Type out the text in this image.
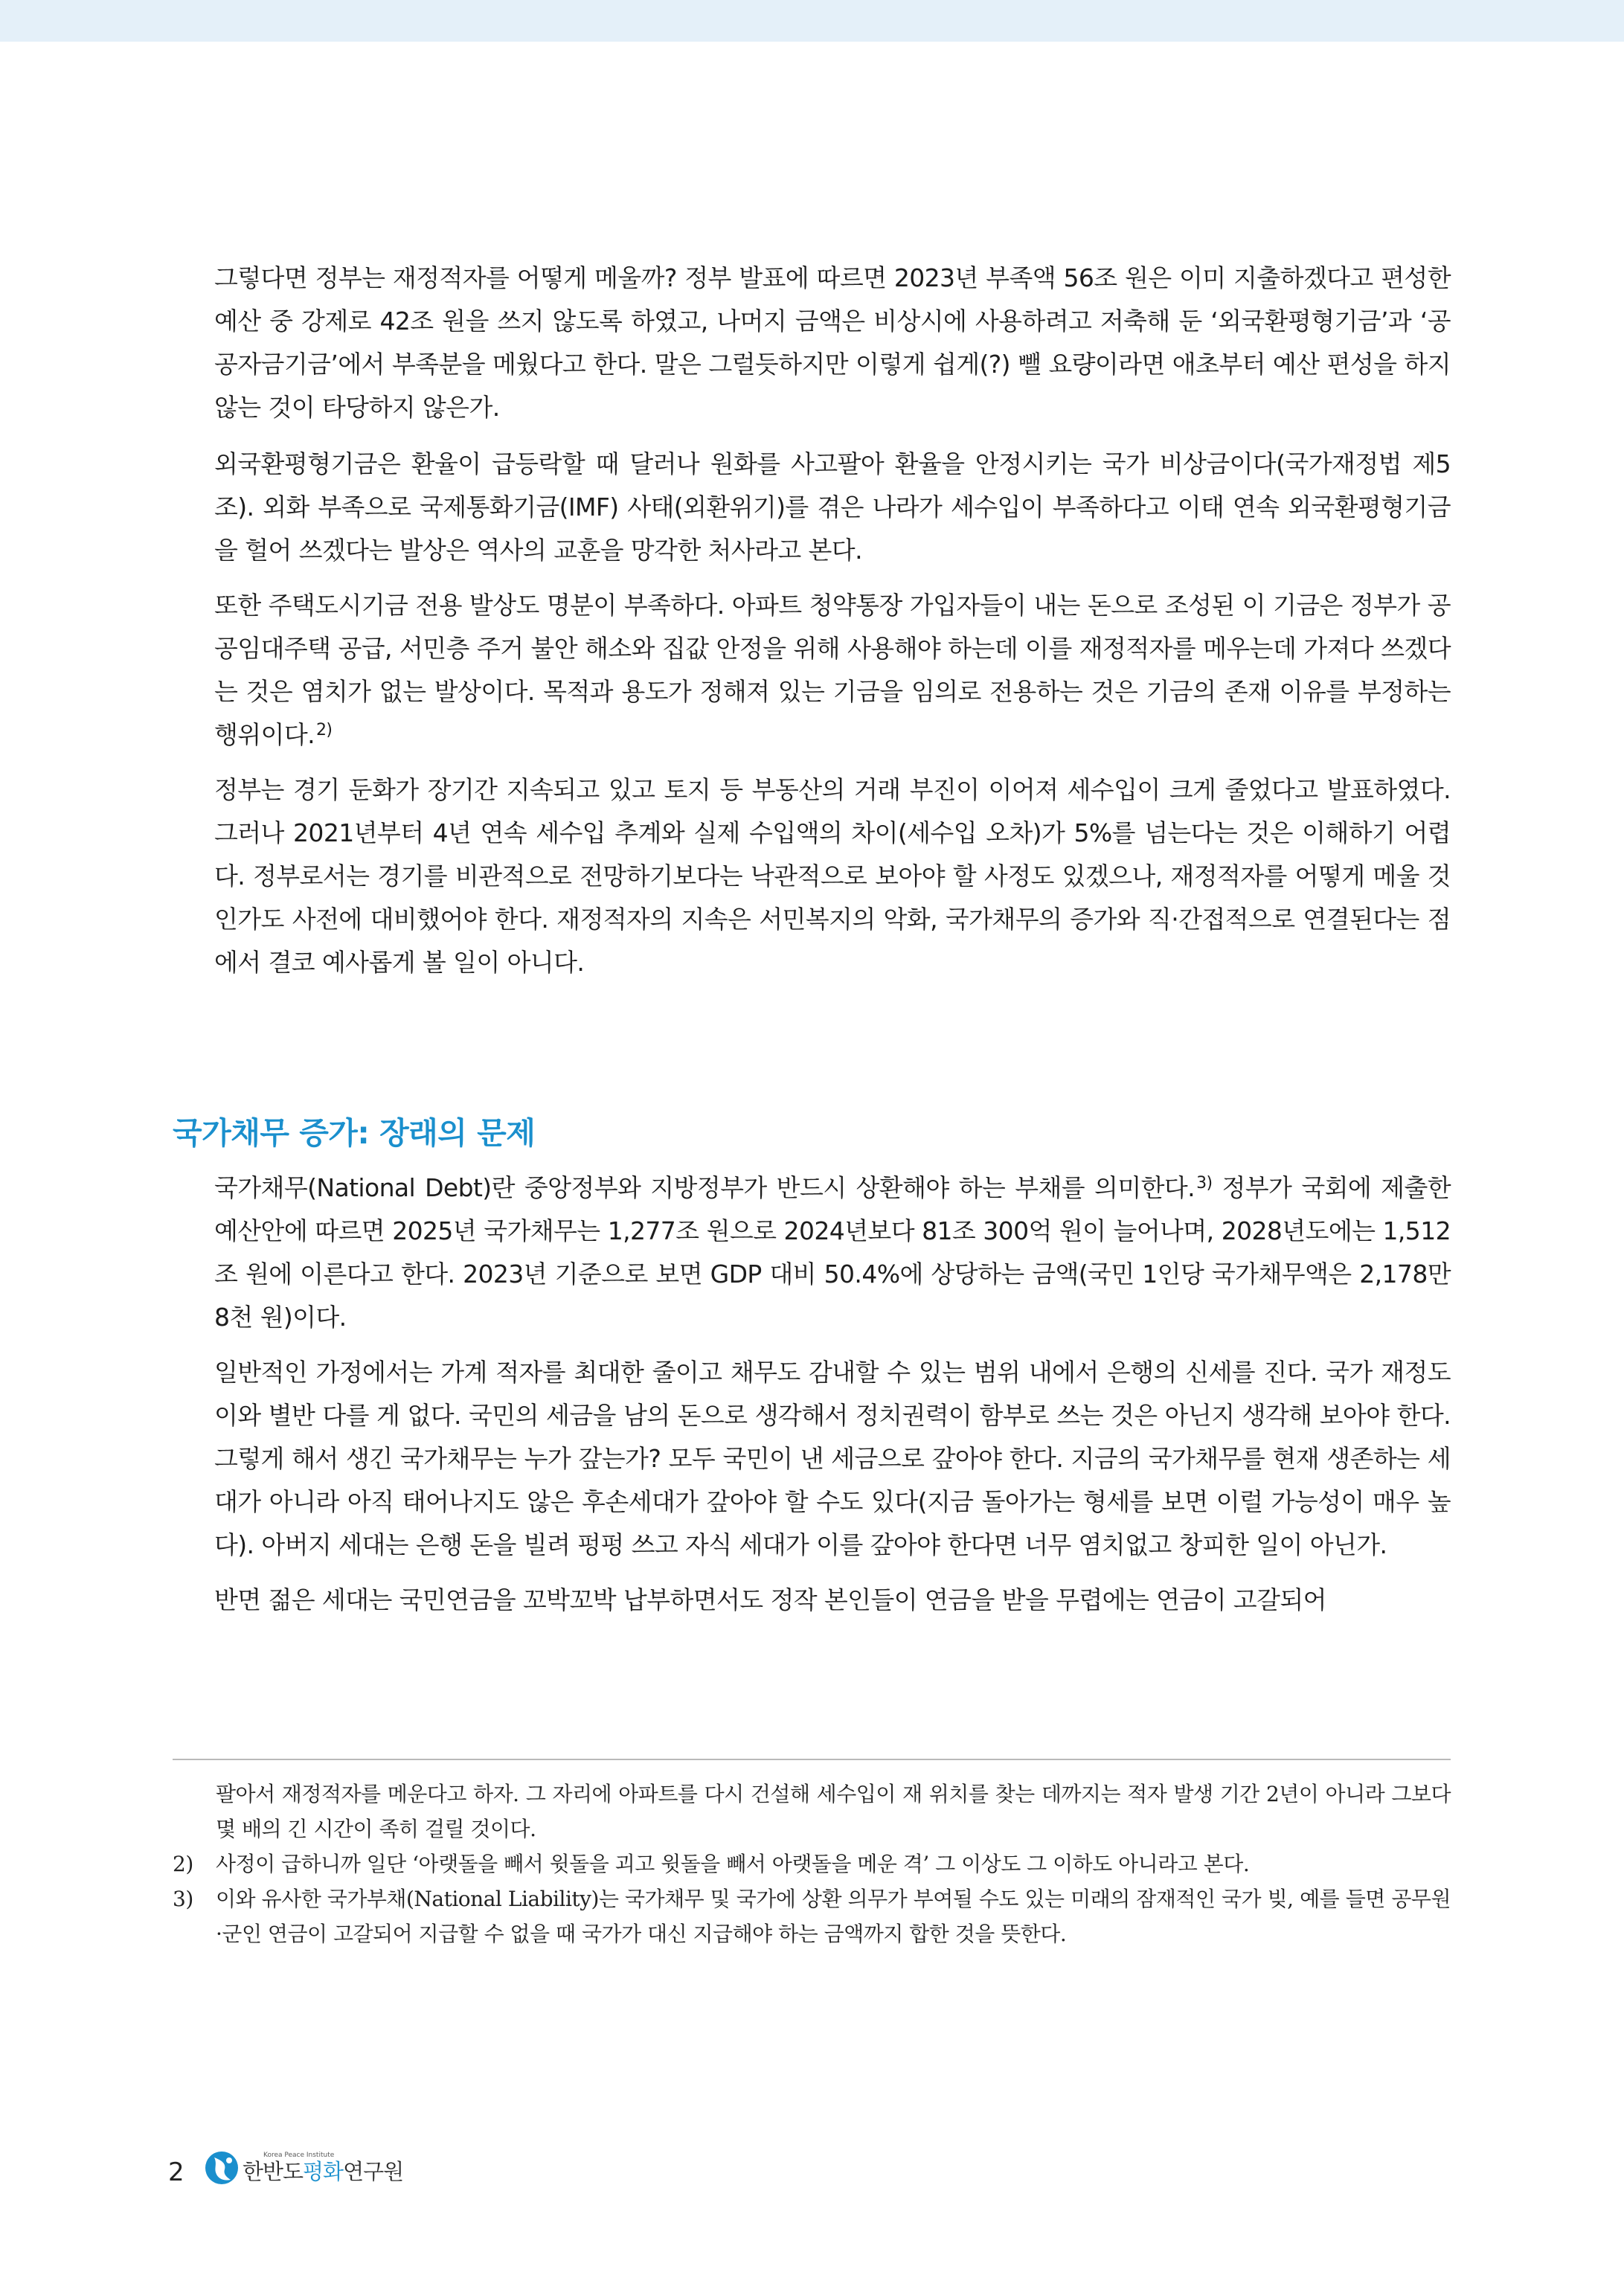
그렇다면 정부는 재정적자를 어떻게 메울까? 정부 발표에 따르면 2023년 부족액 56조 원은 이미 지출하겠다고 편성한 예산 중 강제로 42조 원을 쓰지 않도록 하였고, 나머지 금액은 비상시에 사용하려고 저축해 둔 ‘외국환평형기금’과 ‘공공자금기금’에서 부족분을 메웠다고 한다. 말은 그럴듯하지만 이렇게 쉽게(?) 뺄 요량이라면 애초부터 예산 편성을 하지 않는 것이 타당하지 않은가.

외국환평형기금은 환율이 급등락할 때 달러나 원화를 사고팔아 환율을 안정시키는 국가 비상금이다(국가재정법 제5조). 외화 부족으로 국제통화기금(IMF) 사태(외환위기)를 겪은 나라가 세수입이 부족하다고 이태 연속 외국환평형기금을 헐어 쓰겠다는 발상은 역사의 교훈을 망각한 처사라고 본다.

또한 주택도시기금 전용 발상도 명분이 부족하다. 아파트 청약통장 가입자들이 내는 돈으로 조성된 이 기금은 정부가 공공임대주택 공급, 서민층 주거 불안 해소와 집값 안정을 위해 사용해야 하는데 이를 재정적자를 메우는데 가져다 쓰겠다는 것은 염치가 없는 발상이다. 목적과 용도가 정해져 있는 기금을 임의로 전용하는 것은 기금의 존재 이유를 부정하는 행위이다.$^{2)}$

정부는 경기 둔화가 장기간 지속되고 있고 토지 등 부동산의 거래 부진이 이어져 세수입이 크게 줄었다고 발표하였다. 그러나 2021년부터 4년 연속 세수입 추계와 실제 수입액의 차이(세수입 오차)가 5%를 넘는다는 것은 이해하기 어렵다. 정부로서는 경기를 비관적으로 전망하기보다는 낙관적으로 보아야 할 사정도 있겠으나, 재정적자를 어떻게 메울 것인가도 사전에 대비했어야 한다. 재정적자의 지속은 서민복지의 악화, 국가채무의 증가와 직·간접적으로 연결된다는 점에서 결코 예사롭게 볼 일이 아니다.

국가채무 증가: 장래의 문제

국가채무(National Debt)란 중앙정부와 지방정부가 반드시 상환해야 하는 부채를 의미한다.$^{3)}$ 정부가 국회에 제출한 예산안에 따르면 2025년 국가채무는 1,277조 원으로 2024년보다 81조 300억 원이 늘어나며, 2028년도에는 1,512조 원에 이른다고 한다. 2023년 기준으로 보면 GDP 대비 50.4%에 상당하는 금액(국민 1인당 국가채무액은 2,178만 8천 원)이다.

일반적인 가정에서는 가계 적자를 최대한 줄이고 채무도 감내할 수 있는 범위 내에서 은행의 신세를 진다. 국가 재정도 이와 별반 다를 게 없다. 국민의 세금을 남의 돈으로 생각해서 정치권력이 함부로 쓰는 것은 아닌지 생각해 보아야 한다. 그렇게 해서 생긴 국가채무는 누가 갚는가? 모두 국민이 낸 세금으로 갚아야 한다. 지금의 국가채무를 현재 생존하는 세대가 아니라 아직 태어나지도 않은 후손세대가 갚아야 할 수도 있다(지금 돌아가는 형세를 보면 이럴 가능성이 매우 높다). 아버지 세대는 은행 돈을 빌려 펑펑 쓰고 자식 세대가 이를 갚아야 한다면 너무 염치없고 창피한 일이 아닌가.

반면 젊은 세대는 국민연금을 꼬박꼬박 납부하면서도 정작 본인들이 연금을 받을 무렵에는 연금이 고갈되어

팔아서 재정적자를 메운다고 하자. 그 자리에 아파트를 다시 건설해 세수입이 재 위치를 찾는 데까지는 적자 발생 기간 2년이 아니라 그보다 몇 배의 긴 시간이 족히 걸릴 것이다.
2)	사정이 급하니까 일단 ‘아랫돌을 빼서 윗돌을 괴고 윗돌을 빼서 아랫돌을 메운 격’ 그 이상도 그 이하도 아니라고 본다.
3)	이와 유사한 국가부채(National Liability)는 국가채무 및 국가에 상환 의무가 부여될 수도 있는 미래의 잠재적인 국가 빚, 예를 들면 공무원·군인 연금이 고갈되어 지급할 수 없을 때 국가가 대신 지급해야 하는 금액까지 합한 것을 뜻한다.
2
Korea Peace Institute
한반도평화연구원
